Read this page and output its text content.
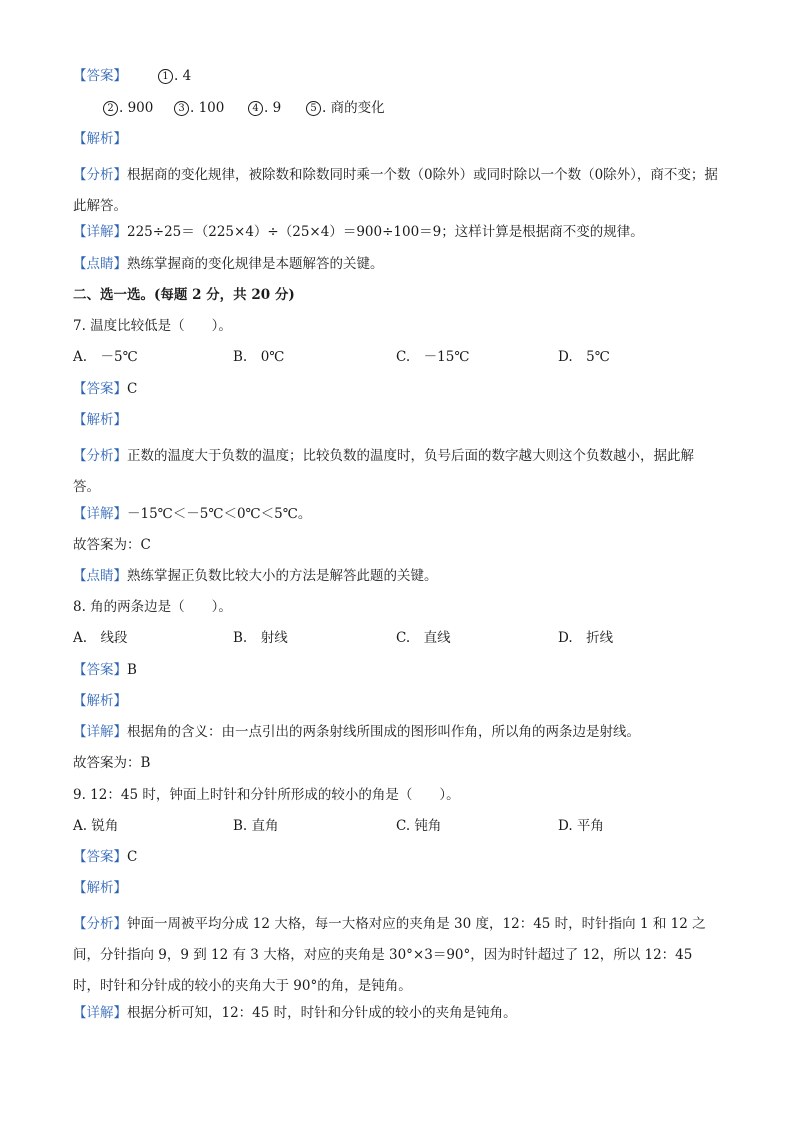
【答案】	1 . 4
2 . 900	3 . 100	4 . 9	5 . 商的变化
【解析】
【分析】根据商的变化规律，被除数和除数同时乘一个数（0除外）或同时除以一个数（0除外），商不变；据此解答。
【详解】225÷25＝（225×4）÷（25×4）＝900÷100＝9；这样计算是根据商不变的规律。
【点睛】熟练掌握商的变化规律是本题解答的关键。
二、选一选。(每题 2 分，共 20 分)
7. 温度比较低是（　　）。
A.　－5℃	B.　0℃	C.　－15℃	D.　5℃
【答案】C
【解析】
【分析】正数的温度大于负数的温度；比较负数的温度时，负号后面的数字越大则这个负数越小，据此解答。
【详解】－15℃＜－5℃＜0℃＜5℃。
故答案为：C
【点睛】熟练掌握正负数比较大小的方法是解答此题的关键。
8. 角的两条边是（　　）。
A.　线段	B.　射线	C.　直线	D.　折线
【答案】B
【解析】
【详解】根据角的含义：由一点引出的两条射线所围成的图形叫作角，所以角的两条边是射线。
故答案为：B
9. 12：45 时，钟面上时针和分针所形成的较小的角是（　　）。
A. 锐角	B. 直角	C. 钝角	D. 平角
【答案】C
【解析】
【分析】钟面一周被平均分成 12 大格，每一大格对应的夹角是 30 度，12：45 时，时针指向 1 和 12 之间，分针指向 9，9 到 12 有 3 大格，对应的夹角是 30°×3＝90°，因为时针超过了 12，所以 12：45 时，时针和分针成的较小的夹角大于 90°的角，是钝角。
【详解】根据分析可知，12：45 时，时针和分针成的较小的夹角是钝角。
